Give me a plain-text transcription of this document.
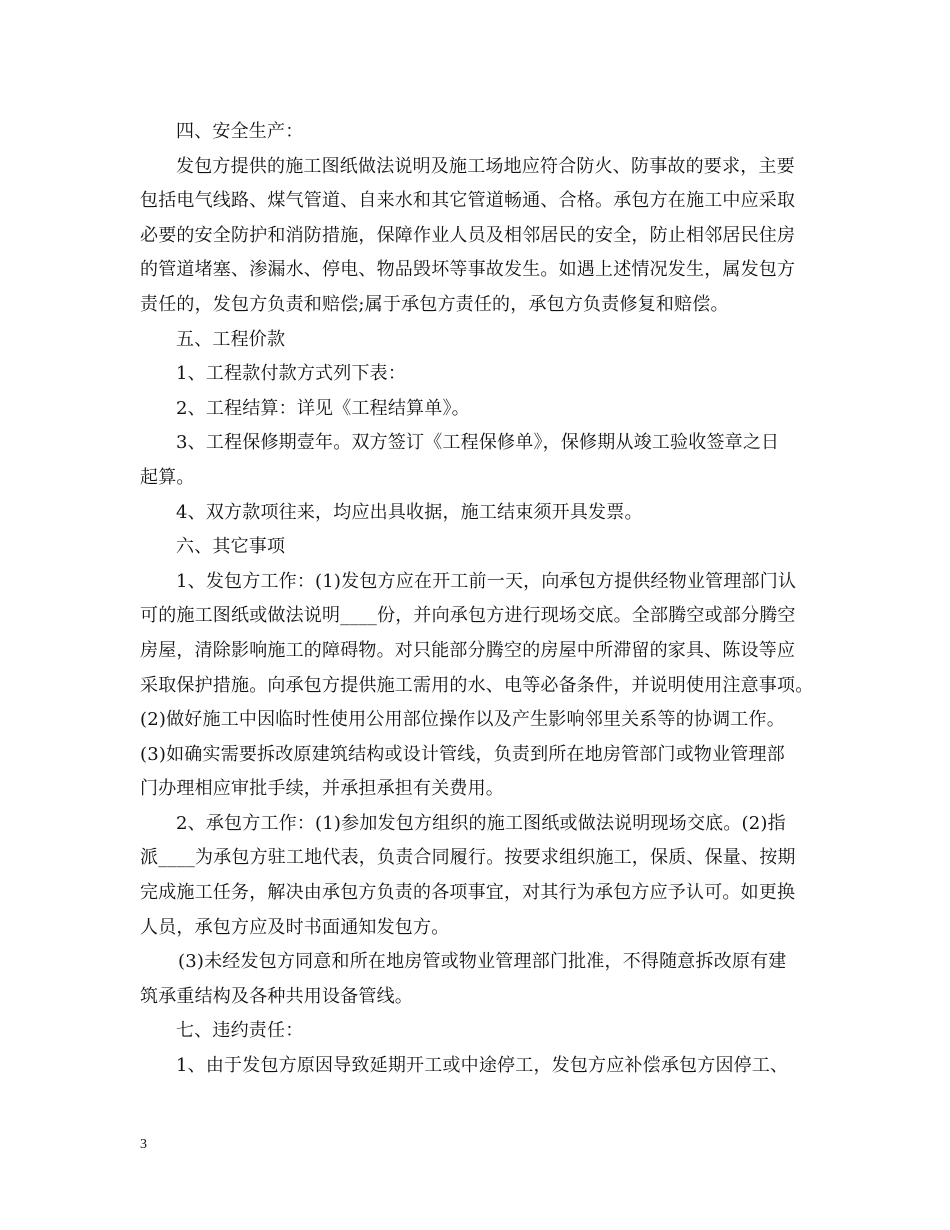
四、安全生产：
发包方提供的施工图纸做法说明及施工场地应符合防火、防事故的要求，主要
包括电气线路、煤气管道、自来水和其它管道畅通、合格。承包方在施工中应采取
必要的安全防护和消防措施，保障作业人员及相邻居民的安全，防止相邻居民住房
的管道堵塞、渗漏水、停电、物品毁坏等事故发生。如遇上述情况发生，属发包方
责任的，发包方负责和赔偿;属于承包方责任的，承包方负责修复和赔偿。
五、工程价款
1、工程款付款方式列下表：
2、工程结算：详见《工程结算单》。
3、工程保修期壹年。双方签订《工程保修单》，保修期从竣工验收签章之日
起算。
4、双方款项往来，均应出具收据，施工结束须开具发票。
六、其它事项
1、发包方工作：(1)发包方应在开工前一天，向承包方提供经物业管理部门认
可的施工图纸或做法说明____份，并向承包方进行现场交底。全部腾空或部分腾空
房屋，清除影响施工的障碍物。对只能部分腾空的房屋中所滞留的家具、陈设等应
采取保护措施。向承包方提供施工需用的水、电等必备条件，并说明使用注意事项。
(2)做好施工中因临时性使用公用部位操作以及产生影响邻里关系等的协调工作。
(3)如确实需要拆改原建筑结构或设计管线，负责到所在地房管部门或物业管理部
门办理相应审批手续，并承担承担有关费用。
2、承包方工作：(1)参加发包方组织的施工图纸或做法说明现场交底。(2)指
派____为承包方驻工地代表，负责合同履行。按要求组织施工，保质、保量、按期
完成施工任务，解决由承包方负责的各项事宜，对其行为承包方应予认可。如更换
人员，承包方应及时书面通知发包方。
(3)未经发包方同意和所在地房管或物业管理部门批准，不得随意拆改原有建
筑承重结构及各种共用设备管线。
七、违约责任：
1、由于发包方原因导致延期开工或中途停工，发包方应补偿承包方因停工、
3
